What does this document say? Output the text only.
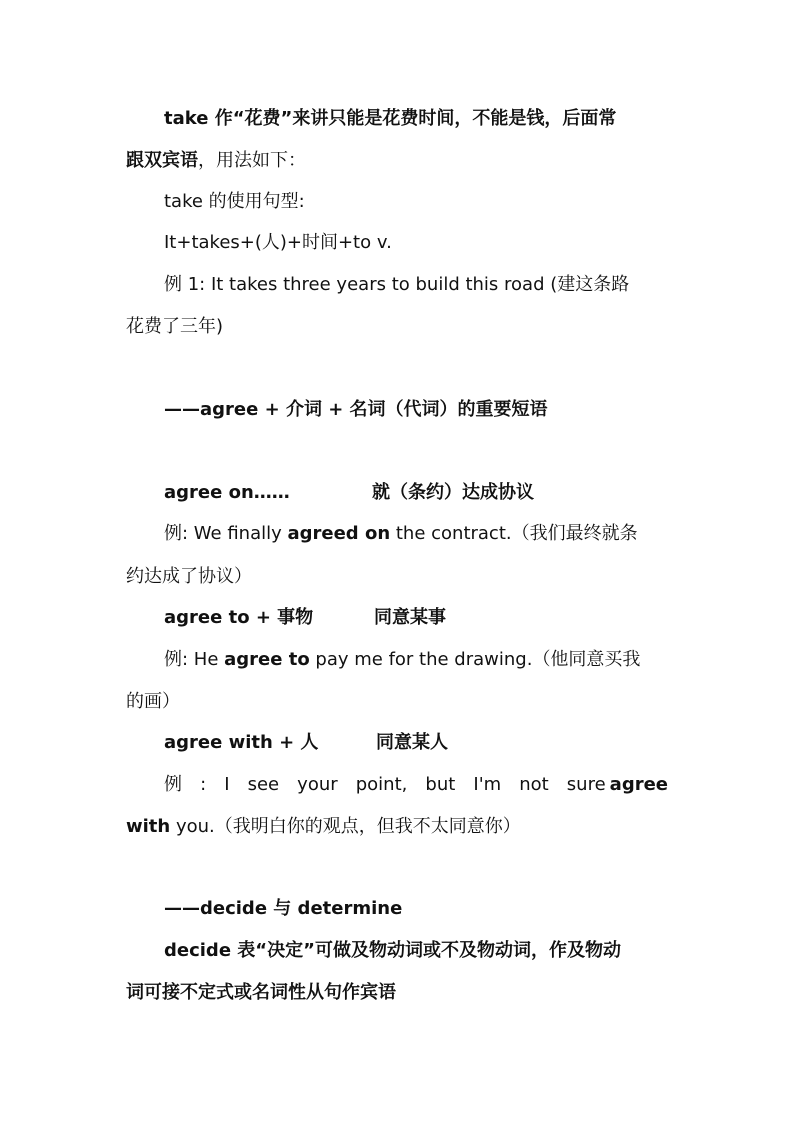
take 作“花费”来讲只能是花费时间，不能是钱，后面常
跟双宾语，用法如下：
take 的使用句型:
It+takes+(人)+时间+to v.
例 1: It takes three years to build this road (建这条路
花费了三年)
——agree + 介词 + 名词（代词）的重要短语
agree on……	就（条约）达成协议
例: We finally agreed on the contract.（我们最终就条
约达成了协议）
agree to + 事物	同意某事
例: He agree to pay me for the drawing.（他同意买我
的画）
agree with + 人	同意某人
例 : I see your point, but I'm not sure agree
with you.（我明白你的观点，但我不太同意你）
——decide 与 determine
decide 表“决定”可做及物动词或不及物动词，作及物动
词可接不定式或名词性从句作宾语
